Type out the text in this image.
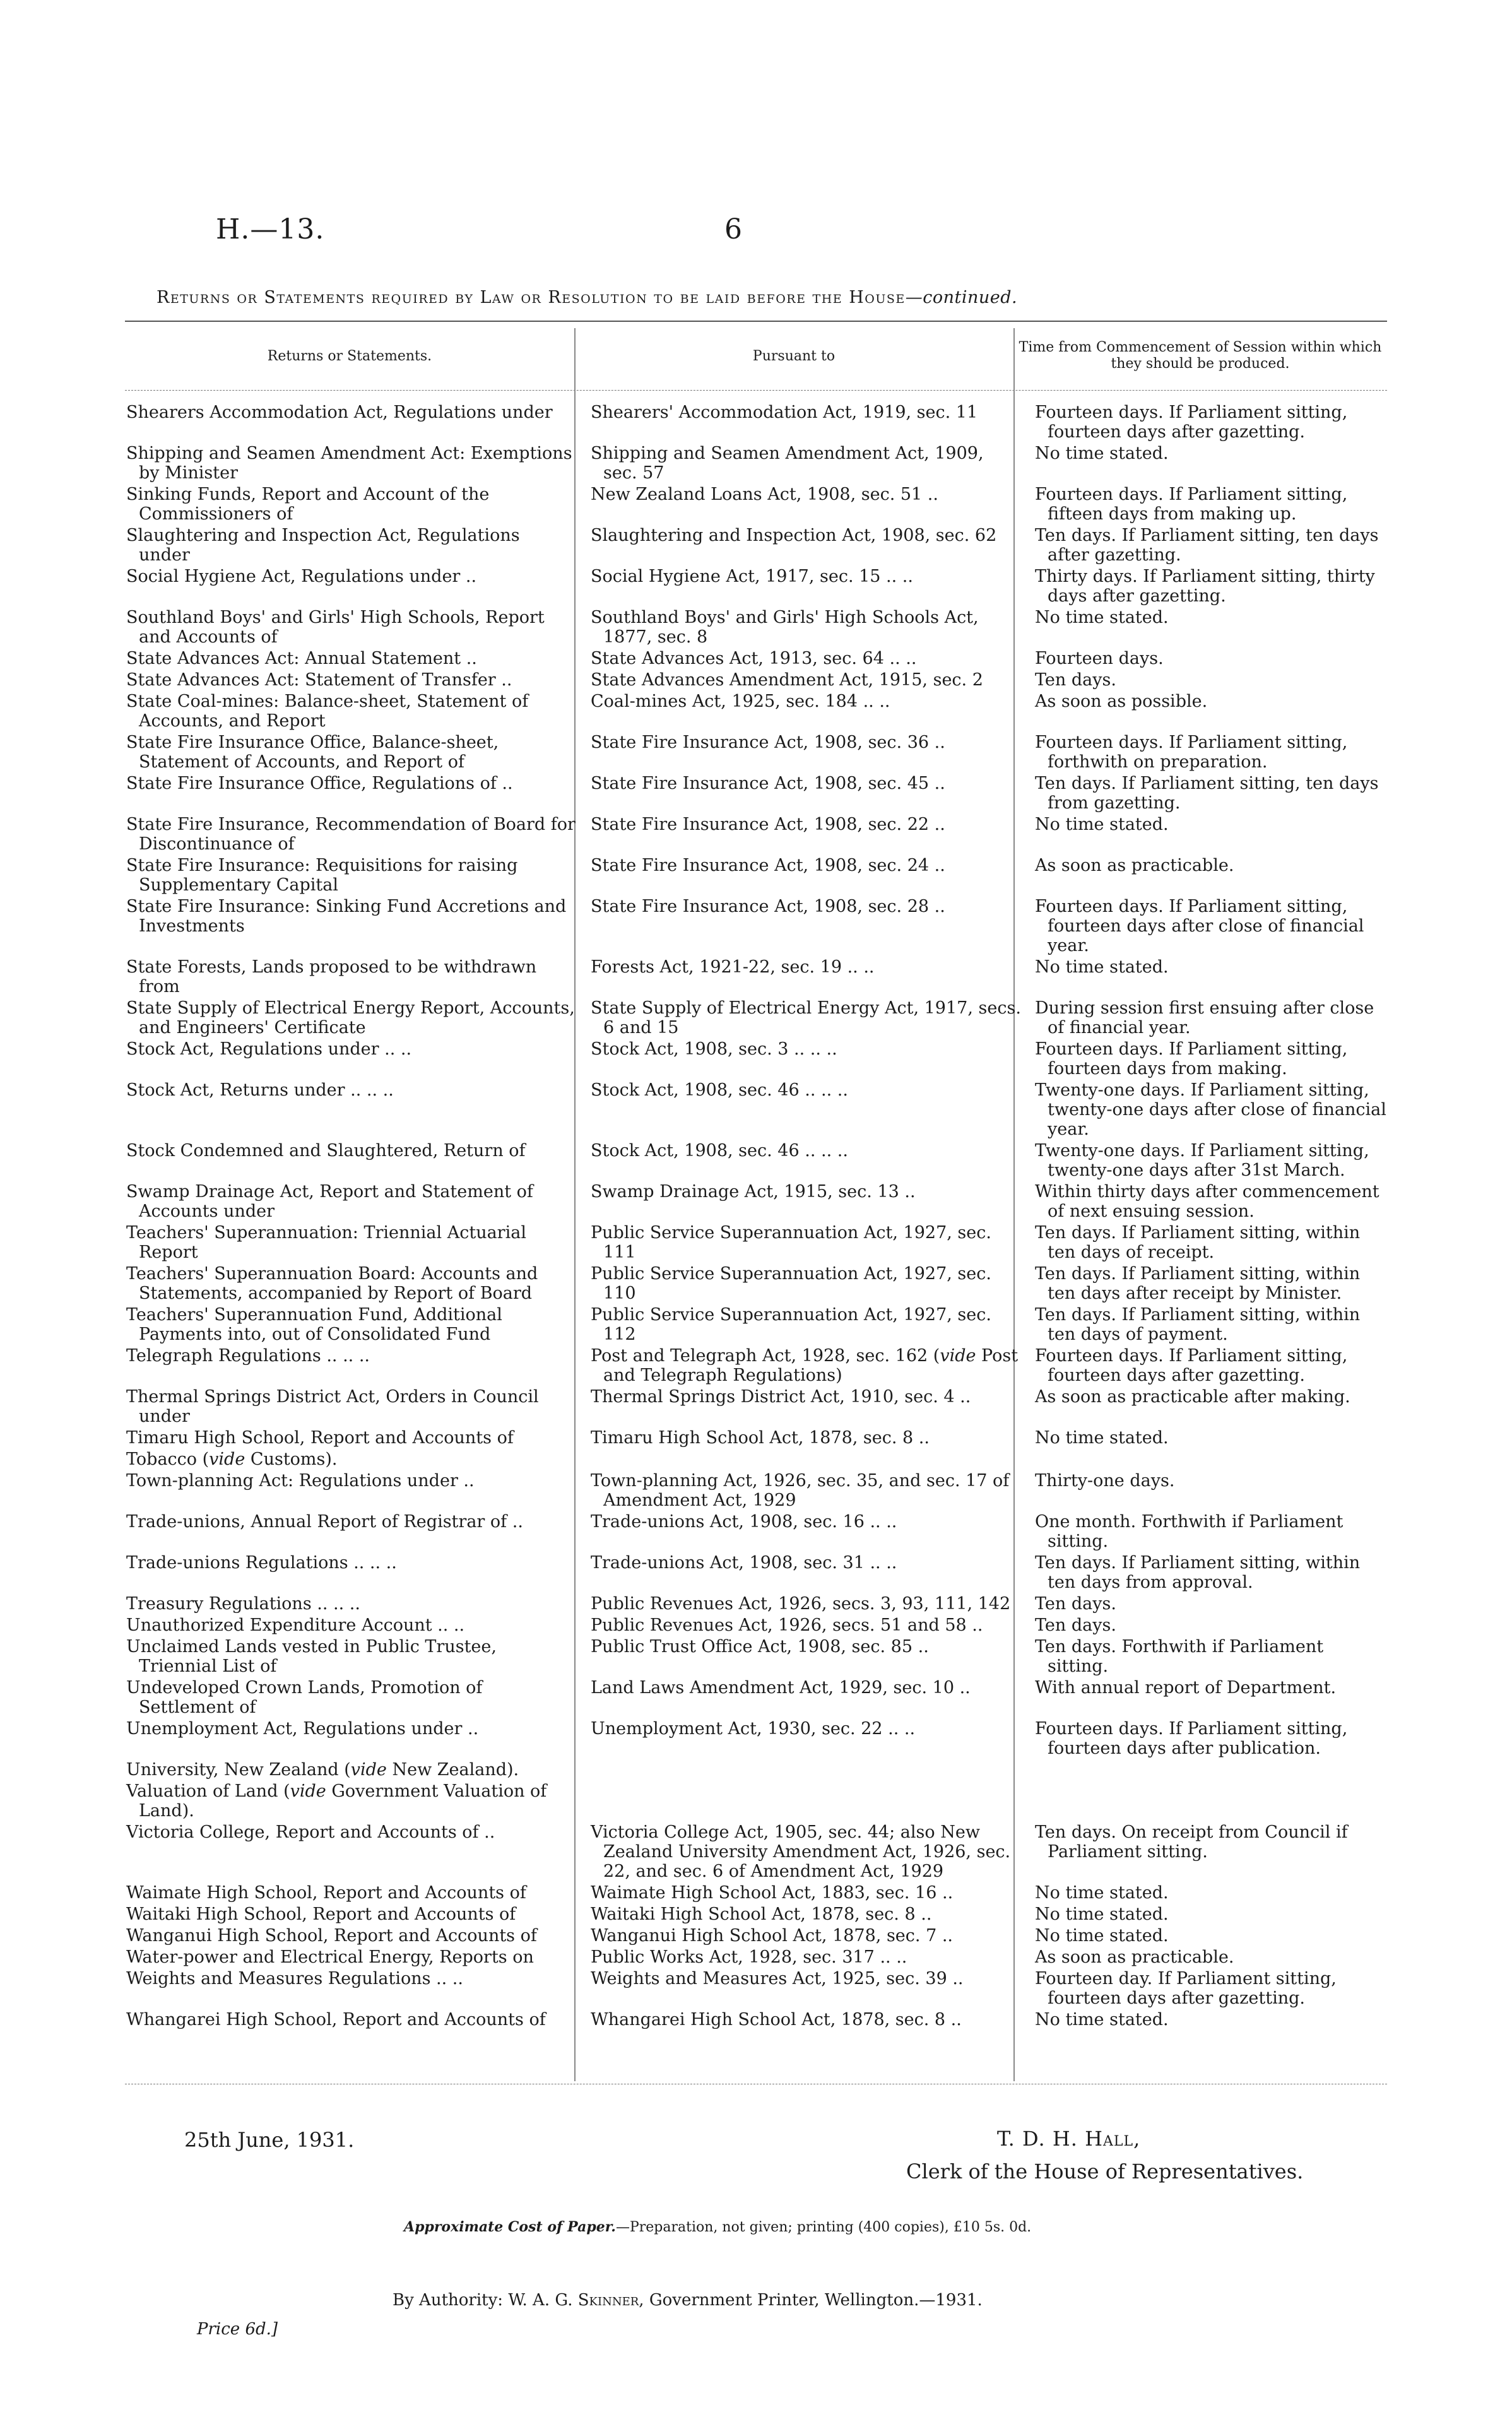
H.—13.	6
Returns or Statements required by Law or Resolution to be laid before the House—continued.
Returns or Statements.	Pursuant to
Time from Commencement of Session within which they should be produced.
Shearers Accommodation Act, Regulations under	Shearers' Accommodation Act, 1919, sec. 11	Fourteen days. If Parliament sitting, fourteen days after gazetting.

Shipping and Seamen Amendment Act: Exemptions by Minister	Shipping and Seamen Amendment Act, 1909, sec. 57	No time stated.

Sinking Funds, Report and Account of the Commissioners of	New Zealand Loans Act, 1908, sec. 51 ..	Fourteen days. If Parliament sitting, fifteen days from making up.

Slaughtering and Inspection Act, Regulations under	Slaughtering and Inspection Act, 1908, sec. 62	Ten days. If Parliament sitting, ten days after gazetting.

Social Hygiene Act, Regulations under ..	Social Hygiene Act, 1917, sec. 15 .. ..	Thirty days. If Parliament sitting, thirty days after gazetting.

Southland Boys' and Girls' High Schools, Report and Accounts of	Southland Boys' and Girls' High Schools Act, 1877, sec. 8	No time stated.

State Advances Act: Annual Statement ..	State Advances Act, 1913, sec. 64 .. ..	Fourteen days.

State Advances Act: Statement of Transfer ..	State Advances Amendment Act, 1915, sec. 2	Ten days.

State Coal-mines: Balance-sheet, Statement of Accounts, and Report	Coal-mines Act, 1925, sec. 184 .. ..	As soon as possible.

State Fire Insurance Office, Balance-sheet, Statement of Accounts, and Report of	State Fire Insurance Act, 1908, sec. 36 ..	Fourteen days. If Parliament sitting, forthwith on preparation.

State Fire Insurance Office, Regulations of ..	State Fire Insurance Act, 1908, sec. 45 ..	Ten days. If Parliament sitting, ten days from gazetting.

State Fire Insurance, Recommendation of Board for Discontinuance of	State Fire Insurance Act, 1908, sec. 22 ..	No time stated.

State Fire Insurance: Requisitions for raising Supplementary Capital	State Fire Insurance Act, 1908, sec. 24 ..	As soon as practicable.

State Fire Insurance: Sinking Fund Accretions and Investments	State Fire Insurance Act, 1908, sec. 28 ..	Fourteen days. If Parliament sitting, fourteen days after close of financial year.

State Forests, Lands proposed to be withdrawn from	Forests Act, 1921-22, sec. 19 .. ..	No time stated.

State Supply of Electrical Energy Report, Accounts, and Engineers' Certificate	State Supply of Electrical Energy Act, 1917, secs. 6 and 15	During session first ensuing after close of financial year.

Stock Act, Regulations under .. ..	Stock Act, 1908, sec. 3 .. .. ..	Fourteen days. If Parliament sitting, fourteen days from making.

Stock Act, Returns under .. .. ..	Stock Act, 1908, sec. 46 .. .. ..	Twenty-one days. If Parliament sitting, twenty-one days after close of financial year.

Stock Condemned and Slaughtered, Return of	Stock Act, 1908, sec. 46 .. .. ..	Twenty-one days. If Parliament sitting, twenty-one days after 31st March.

Swamp Drainage Act, Report and Statement of Accounts under	Swamp Drainage Act, 1915, sec. 13 ..	Within thirty days after commencement of next ensuing session.

Teachers' Superannuation: Triennial Actuarial Report	Public Service Superannuation Act, 1927, sec. 111	Ten days. If Parliament sitting, within ten days of receipt.

Teachers' Superannuation Board: Accounts and Statements, accompanied by Report of Board	Public Service Superannuation Act, 1927, sec. 110	Ten days. If Parliament sitting, within ten days after receipt by Minister.

Teachers' Superannuation Fund, Additional Payments into, out of Consolidated Fund	Public Service Superannuation Act, 1927, sec. 112	Ten days. If Parliament sitting, within ten days of payment.

Telegraph Regulations .. .. ..	Post and Telegraph Act, 1928, sec. 162 (vide Post and Telegraph Regulations)	Fourteen days. If Parliament sitting, fourteen days after gazetting.

Thermal Springs District Act, Orders in Council under	Thermal Springs District Act, 1910, sec. 4 ..	As soon as practicable after making.

Timaru High School, Report and Accounts of	Timaru High School Act, 1878, sec. 8 ..	No time stated.

Tobacco (vide Customs).		

Town-planning Act: Regulations under ..	Town-planning Act, 1926, sec. 35, and sec. 17 of Amendment Act, 1929	Thirty-one days.

Trade-unions, Annual Report of Registrar of ..	Trade-unions Act, 1908, sec. 16 .. ..	One month. Forthwith if Parliament sitting.

Trade-unions Regulations .. .. ..	Trade-unions Act, 1908, sec. 31 .. ..	Ten days. If Parliament sitting, within ten days from approval.

Treasury Regulations .. .. ..	Public Revenues Act, 1926, secs. 3, 93, 111, 142	Ten days.

Unauthorized Expenditure Account .. ..	Public Revenues Act, 1926, secs. 51 and 58 ..	Ten days.

Unclaimed Lands vested in Public Trustee, Triennial List of	Public Trust Office Act, 1908, sec. 85 ..	Ten days. Forthwith if Parliament sitting.

Undeveloped Crown Lands, Promotion of Settlement of	Land Laws Amendment Act, 1929, sec. 10 ..	With annual report of Department.

Unemployment Act, Regulations under ..	Unemployment Act, 1930, sec. 22 .. ..	Fourteen days. If Parliament sitting, fourteen days after publication.

University, New Zealand (vide New Zealand).		

Valuation of Land (vide Government Valuation of Land).		

Victoria College, Report and Accounts of ..	Victoria College Act, 1905, sec. 44; also New Zealand University Amendment Act, 1926, sec. 22, and sec. 6 of Amendment Act, 1929	Ten days. On receipt from Council if Parliament sitting.

Waimate High School, Report and Accounts of	Waimate High School Act, 1883, sec. 16 ..	No time stated.

Waitaki High School, Report and Accounts of	Waitaki High School Act, 1878, sec. 8 ..	No time stated.

Wanganui High School, Report and Accounts of	Wanganui High School Act, 1878, sec. 7 ..	No time stated.

Water-power and Electrical Energy, Reports on	Public Works Act, 1928, sec. 317 .. ..	As soon as practicable.

Weights and Measures Regulations .. ..	Weights and Measures Act, 1925, sec. 39 ..	Fourteen day. If Parliament sitting, fourteen days after gazetting.

Whangarei High School, Report and Accounts of	Whangarei High School Act, 1878, sec. 8 ..	No time stated.
25th June, 1931.	T. D. H. Hall,
Clerk of the House of Representatives.
Approximate Cost of Paper.—Preparation, not given; printing (400 copies), £10 5s. 0d.
By Authority: W. A. G. Skinner, Government Printer, Wellington.—1931.
Price 6d.]
